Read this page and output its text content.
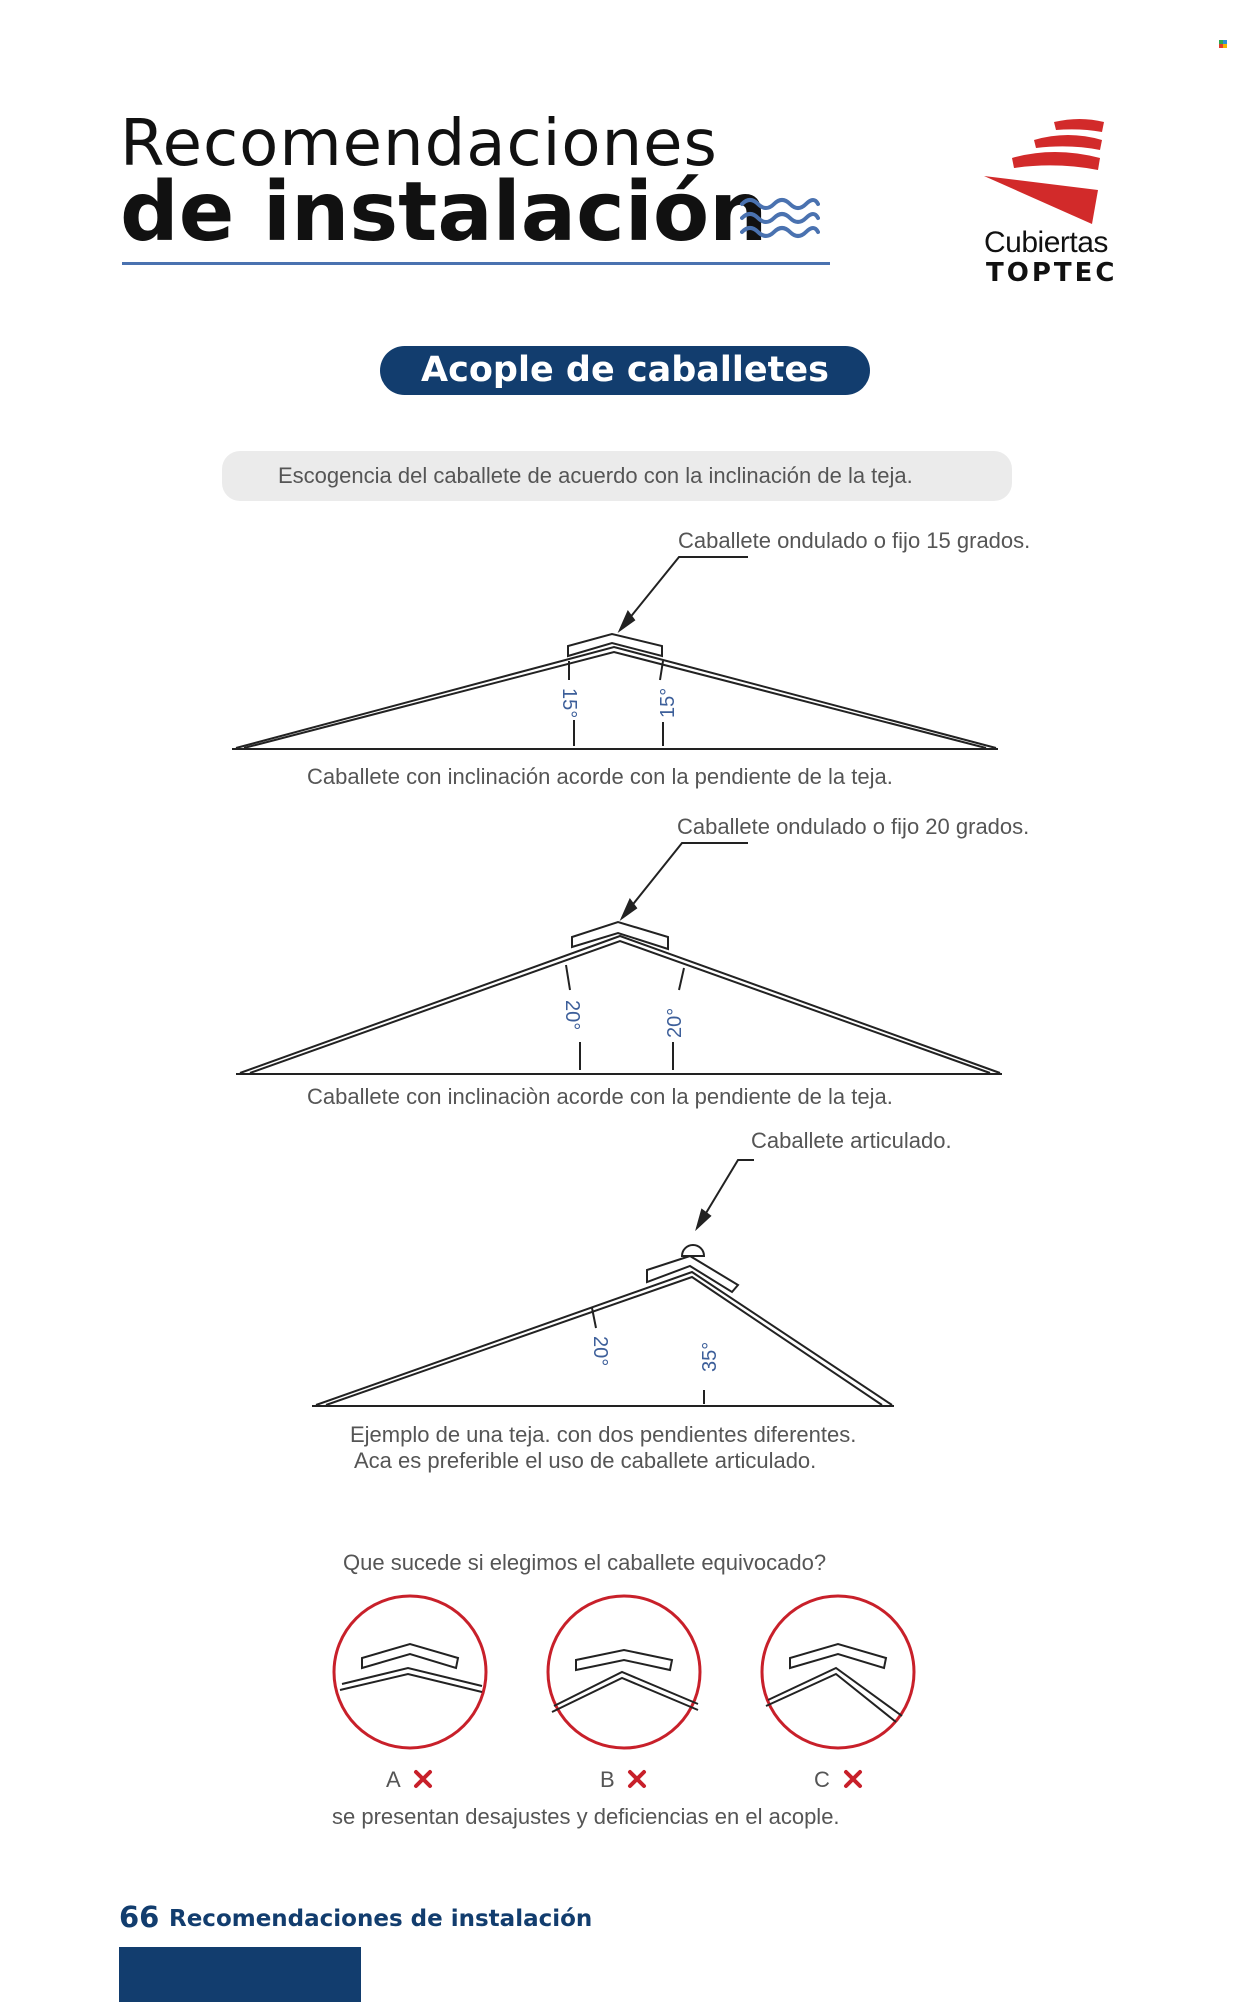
Recomendaciones
de instalación	Cubiertas
TOPTEC
Acople de caballetes
Escogencia del caballete de acuerdo con la inclinación de la teja.
15°	15°
20°	20°
20°	35°
Caballete ondulado o fijo 15 grados.
Caballete con inclinación acorde con la pendiente de la teja.
Caballete ondulado o fijo 20 grados.
Caballete con inclinaciòn acorde con la pendiente de la teja.
Caballete articulado.
Ejemplo de una teja. con dos pendientes diferentes.
Aca es preferible el uso de caballete articulado.
Que sucede si elegimos el caballete equivocado?
A	B	C
se presentan desajustes y deficiencias en el acople.
66 Recomendaciones de instalación
